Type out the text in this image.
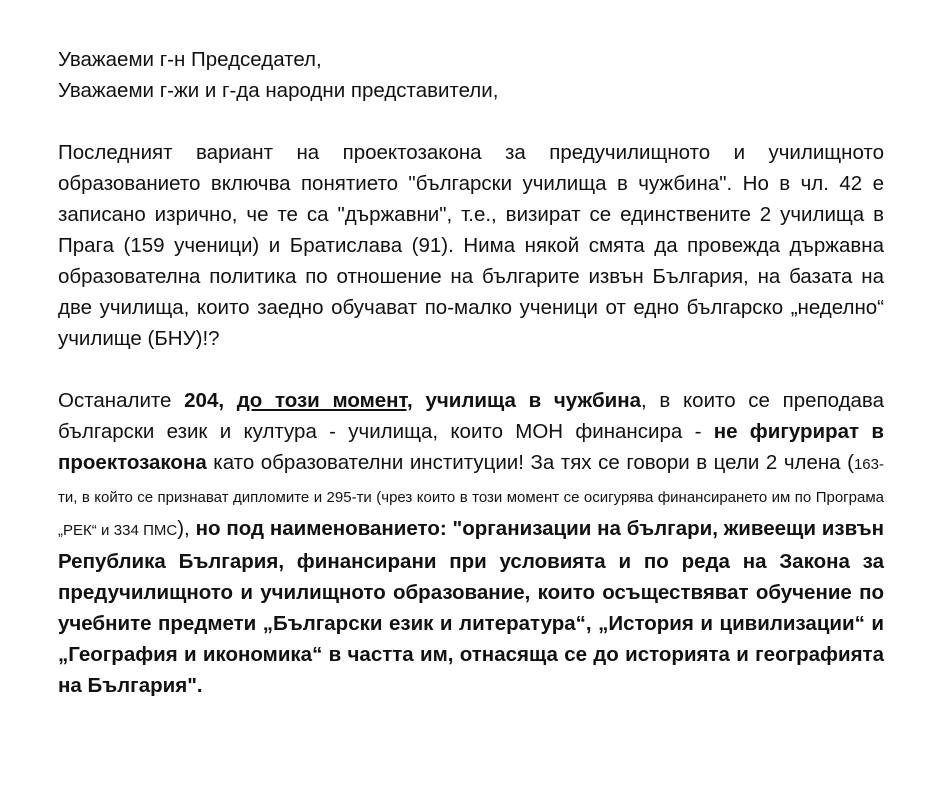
Уважаеми г-н Председател,

Уважаеми г-жи и г-да народни представители,

Последният вариант на проектозакона за предучилищното и училищното образованието включва понятието "български училища в чужбина". Но в чл. 42 е записано изрично, че те са "държавни", т.е., визират се единствените 2 училища в Прага (159 ученици) и Братислава (91). Нима някой смята да провежда държавна образователна политика по отношение на българите извън България, на базата на две училища, които заедно обучават по-малко ученици от едно българско „неделно“ училище (БНУ)!?

Останалите 204, до този момент, училища в чужбина, в които се преподава български език и култура - училища, които МОН финансира - не фигурират в проектозакона като образователни институции! За тях се говори в цели 2 члена (163-ти, в който се признават дипломите и 295-ти (чрез които в този момент се осигурява финансирането им по Програма „РЕК“ и 334 ПМС), но под наименованието: "организации на българи, живеещи извън Република България, финансирани при условията и по реда на Закона за предучилищното и училищното образование, които осъществяват обучение по учебните предмети „Български език и литература“, „История и цивилизации“ и „География и икономика“ в частта им, отнасяща се до историята и географията на България".
